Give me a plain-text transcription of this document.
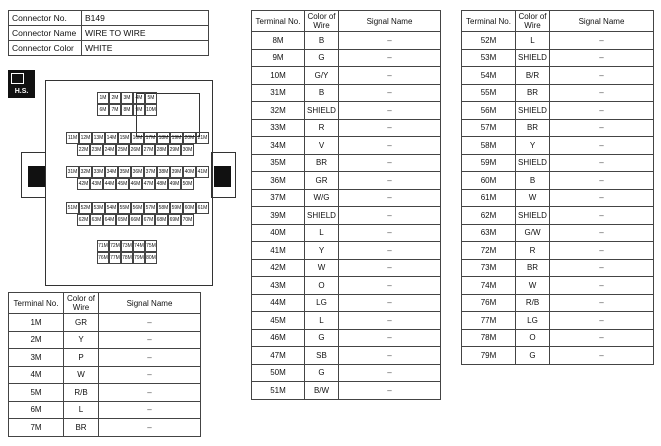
Connector No.	B149
Connector Name	WIRE TO WIRE
Connector Color	WHITE
H.S.
1M	2M	3M	4M	5M
6M	7M	8M	9M 10M
11M 12M 13M 14M 15M 16M 17M 18M 19M 20M 21M
22M 23M 24M 25M 26M 27M 28M 29M 30M
31M 32M 33M 34M 35M 36M 37M 38M 39M 40M 41M
42M 43M 44M 45M 46M 47M 48M 49M 50M
51M 52M 53M 54M 55M 56M 57M 58M 59M 60M 61M
62M 63M 64M 65M 66M 67M 68M 69M 70M
71M 72M 73M 74M 75M
76M 77M 78M 79M 80M
Terminal No.	Color of
Wire	Signal Name
1M	GR	–
2M	Y	–
3M	P	–
4M	W	–
5M	R/B	–
6M	L	–
7M	BR	–
Terminal No.	Color of
Wire	Signal Name
8M	B	–
9M	G	–
10M	G/Y	–
31M	B	–
32M	SHIELD	–
33M	R	–
34M	V	–
35M	BR	–
36M	GR	–
37M	W/G	–
39M	SHIELD	–
40M	L	–
41M	Y	–
42M	W	–
43M	O	–
44M	LG	–
45M	L	–
46M	G	–
47M	SB	–
50M	G	–
51M	B/W	–
Terminal No.	Color of
Wire	Signal Name
52M	L	–
53M	SHIELD	–
54M	B/R	–
55M	BR	–
56M	SHIELD	–
57M	BR	–
58M	Y	–
59M	SHIELD	–
60M	B	–
61M	W	–
62M	SHIELD	–
63M	G/W	–
72M	R	–
73M	BR	–
74M	W	–
76M	R/B	–
77M	LG	–
78M	O	–
79M	G	–
